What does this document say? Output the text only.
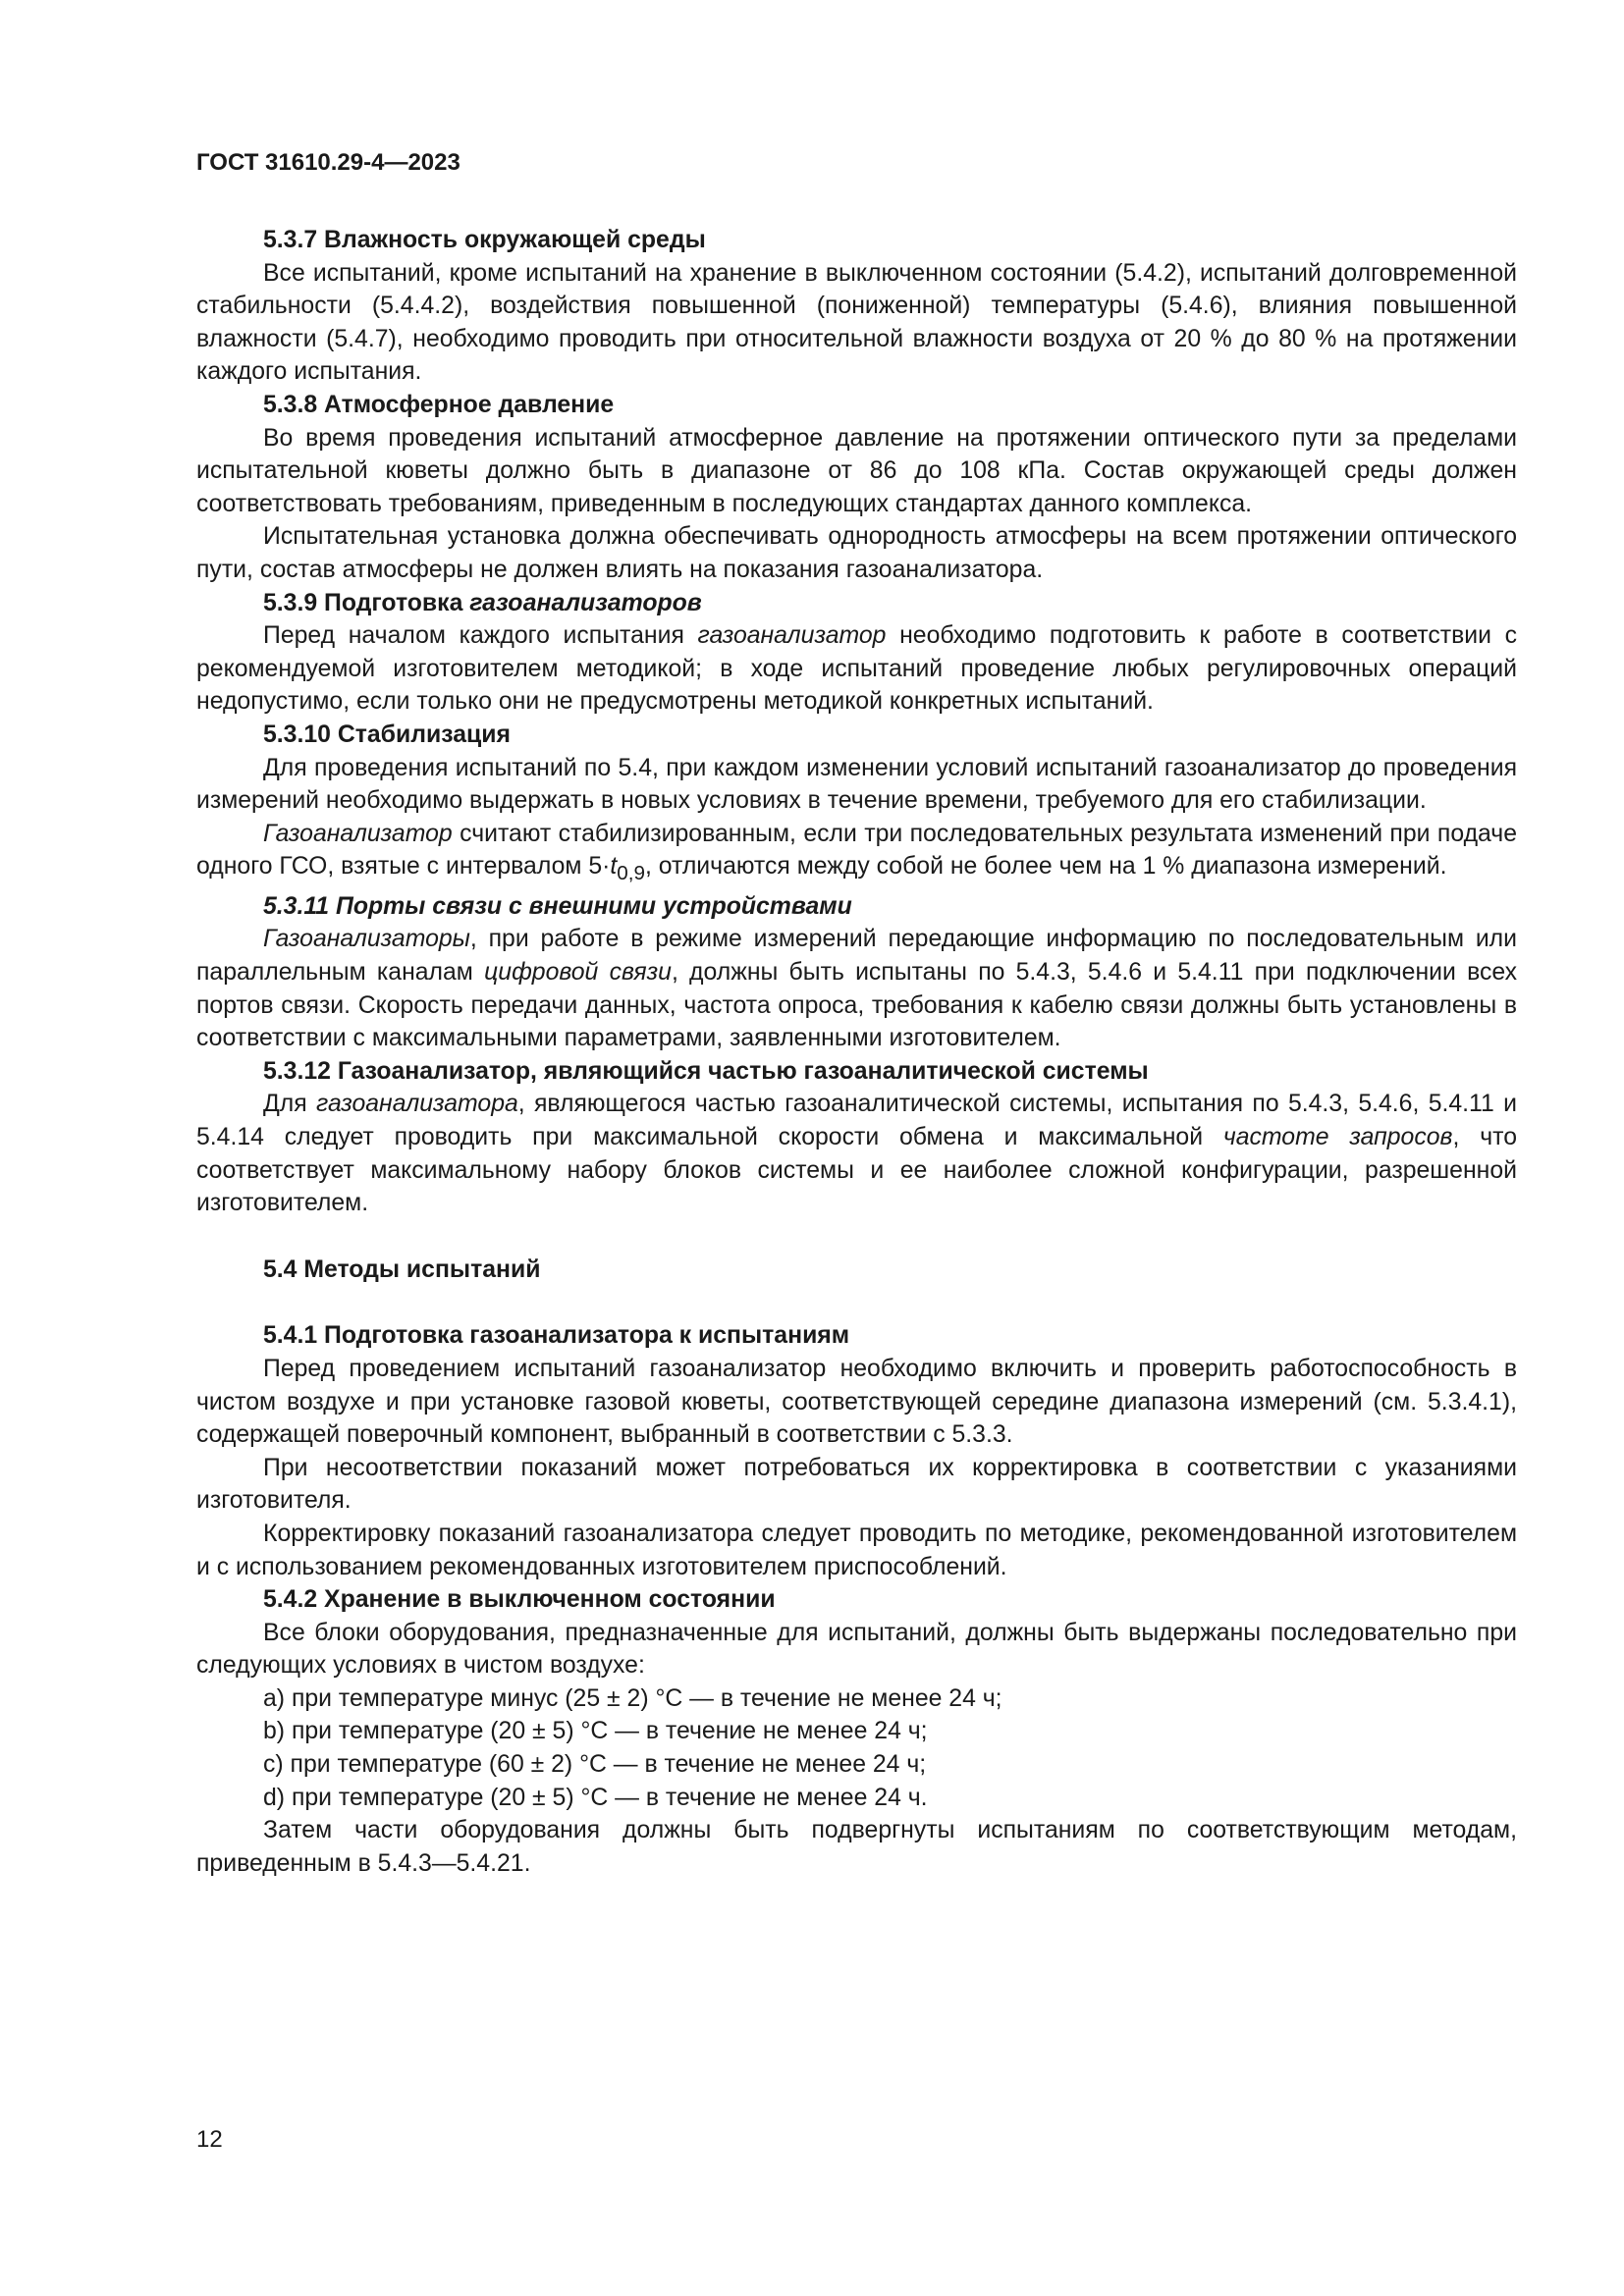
ГОСТ 31610.29-4—2023

5.3.7 Влажность окружающей среды

Все испытаний, кроме испытаний на хранение в выключенном состоянии (5.4.2), испытаний долговременной стабильности (5.4.4.2), воздействия повышенной (пониженной) температуры (5.4.6), влияния повышенной влажности (5.4.7), необходимо проводить при относительной влажности воздуха от 20 % до 80 % на протяжении каждого испытания.

5.3.8 Атмосферное давление

Во время проведения испытаний атмосферное давление на протяжении оптического пути за пределами испытательной кюветы должно быть в диапазоне от 86 до 108 кПа. Состав окружающей среды должен соответствовать требованиям, приведенным в последующих стандартах данного комплекса.

Испытательная установка должна обеспечивать однородность атмосферы на всем протяжении оптического пути, состав атмосферы не должен влиять на показания газоанализатора.

5.3.9 Подготовка газоанализаторов

Перед началом каждого испытания газоанализатор необходимо подготовить к работе в соответствии с рекомендуемой изготовителем методикой; в ходе испытаний проведение любых регулировочных операций недопустимо, если только они не предусмотрены методикой конкретных испытаний.

5.3.10 Стабилизация

Для проведения испытаний по 5.4, при каждом изменении условий испытаний газоанализатор до проведения измерений необходимо выдержать в новых условиях в течение времени, требуемого для его стабилизации.

Газоанализатор считают стабилизированным, если три последовательных результата изменений при подаче одного ГСО, взятые с интервалом $5\cdot t_{0,9}$, отличаются между собой не более чем на 1 % диапазона измерений.

5.3.11 Порты связи с внешними устройствами

Газоанализаторы, при работе в режиме измерений передающие информацию по последовательным или параллельным каналам цифровой связи, должны быть испытаны по 5.4.3, 5.4.6 и 5.4.11 при подключении всех портов связи. Скорость передачи данных, частота опроса, требования к кабелю связи должны быть установлены в соответствии с максимальными параметрами, заявленными изготовителем.

5.3.12 Газоанализатор, являющийся частью газоаналитической системы

Для газоанализатора, являющегося частью газоаналитической системы, испытания по 5.4.3, 5.4.6, 5.4.11 и 5.4.14 следует проводить при максимальной скорости обмена и максимальной частоте запросов, что соответствует максимальному набору блоков системы и ее наиболее сложной конфигурации, разрешенной изготовителем.

5.4 Методы испытаний

5.4.1 Подготовка газоанализатора к испытаниям

Перед проведением испытаний газоанализатор необходимо включить и проверить работоспособность в чистом воздухе и при установке газовой кюветы, соответствующей середине диапазона измерений (см. 5.3.4.1), содержащей поверочный компонент, выбранный в соответствии с 5.3.3.

При несоответствии показаний может потребоваться их корректировка в соответствии с указаниями изготовителя.

Корректировку показаний газоанализатора следует проводить по методике, рекомендованной изготовителем и с использованием рекомендованных изготовителем приспособлений.

5.4.2 Хранение в выключенном состоянии

Все блоки оборудования, предназначенные для испытаний, должны быть выдержаны последовательно при следующих условиях в чистом воздухе:

a) при температуре минус (25 ± 2) °С — в течение не менее 24 ч;

b) при температуре (20 ± 5) °С — в течение не менее 24 ч;

c) при температуре (60 ± 2) °С — в течение не менее 24 ч;

d) при температуре (20 ± 5) °С — в течение не менее 24 ч.

Затем части оборудования должны быть подвергнуты испытаниям по соответствующим методам, приведенным в 5.4.3—5.4.21.

12
